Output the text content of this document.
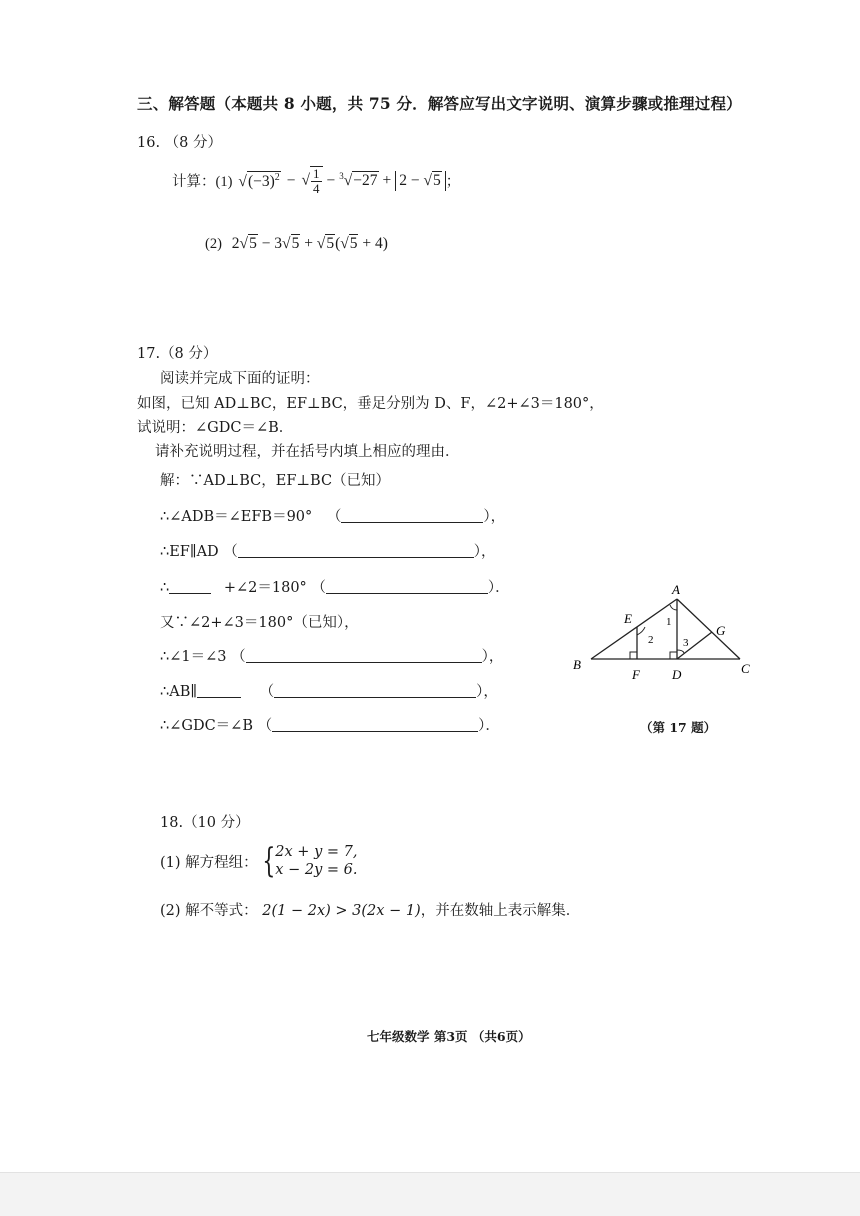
三、解答题（本题共 8 小题，共 75 分．解答应写出文字说明、演算步骤或推理过程）
16. （8 分）
计算：(1) $√(-3)^2$ − √ $\frac{1}{4} - ^3√-27 + 2 - √5$ ；
(2) 2√5 − 3√5 + √5(√5 + 4)
17.（8 分）
阅读并完成下面的证明：
如图，已知 AD⊥BC，EF⊥BC，垂足分别为 D、F，∠2+∠3＝180°，
试说明：∠GDC＝∠B．
请补充说明过程，并在括号内填上相应的理由．
解：∵AD⊥BC，EF⊥BC（已知）
∴∠ADB＝∠EFB＝90° （	），
∴EF∥AD （	），
∴	+∠2＝180° （	）．
又∵∠2+∠3＝180°（已知），
∴∠1＝∠3 （	），
∴AB∥	（	），
∴∠GDC＝∠B （	）．
A
B	C
D
E
F
G
1
2	3
（第 17 题）
18.（10 分）
(1) 解方程组： { 2x + y = 7,
x − 2y = 6.
(2) 解不等式： 2(1 − 2x) > 3(2x − 1)，并在数轴上表示解集．
七年级数学 第3页 （共6页）
